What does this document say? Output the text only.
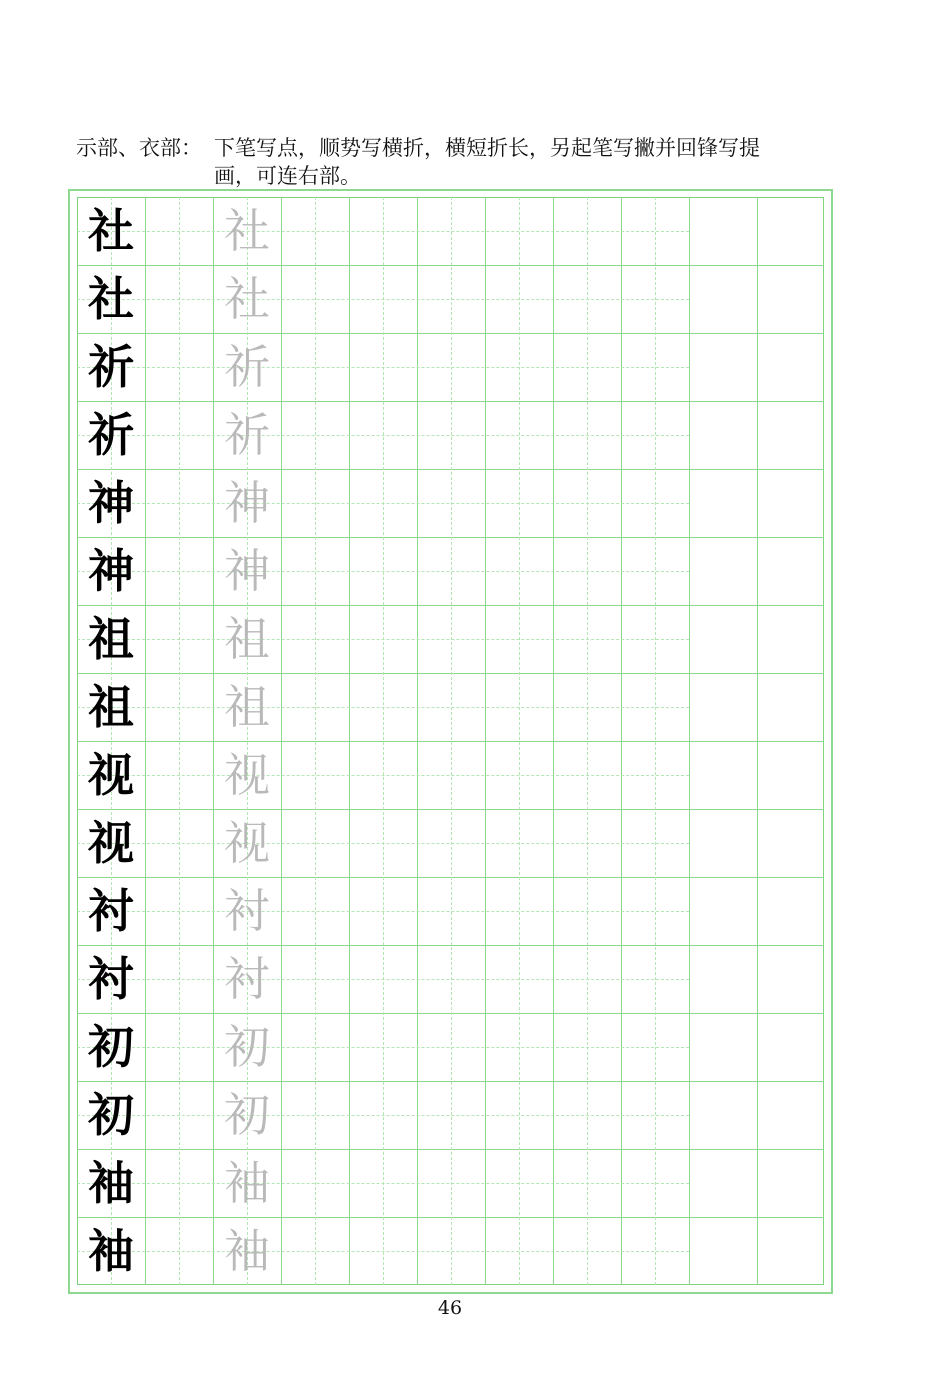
示部、衣部： 下笔写点，顺势写横折，横短折长，另起笔写撇并回锋写提
画，可连右部。
社 社
社 社
祈 祈
祈 祈
神 神
神 神
祖 祖
祖 祖
视 视
视 视
衬 衬
衬 衬
初 初
初 初
袖 袖
袖 袖
46
